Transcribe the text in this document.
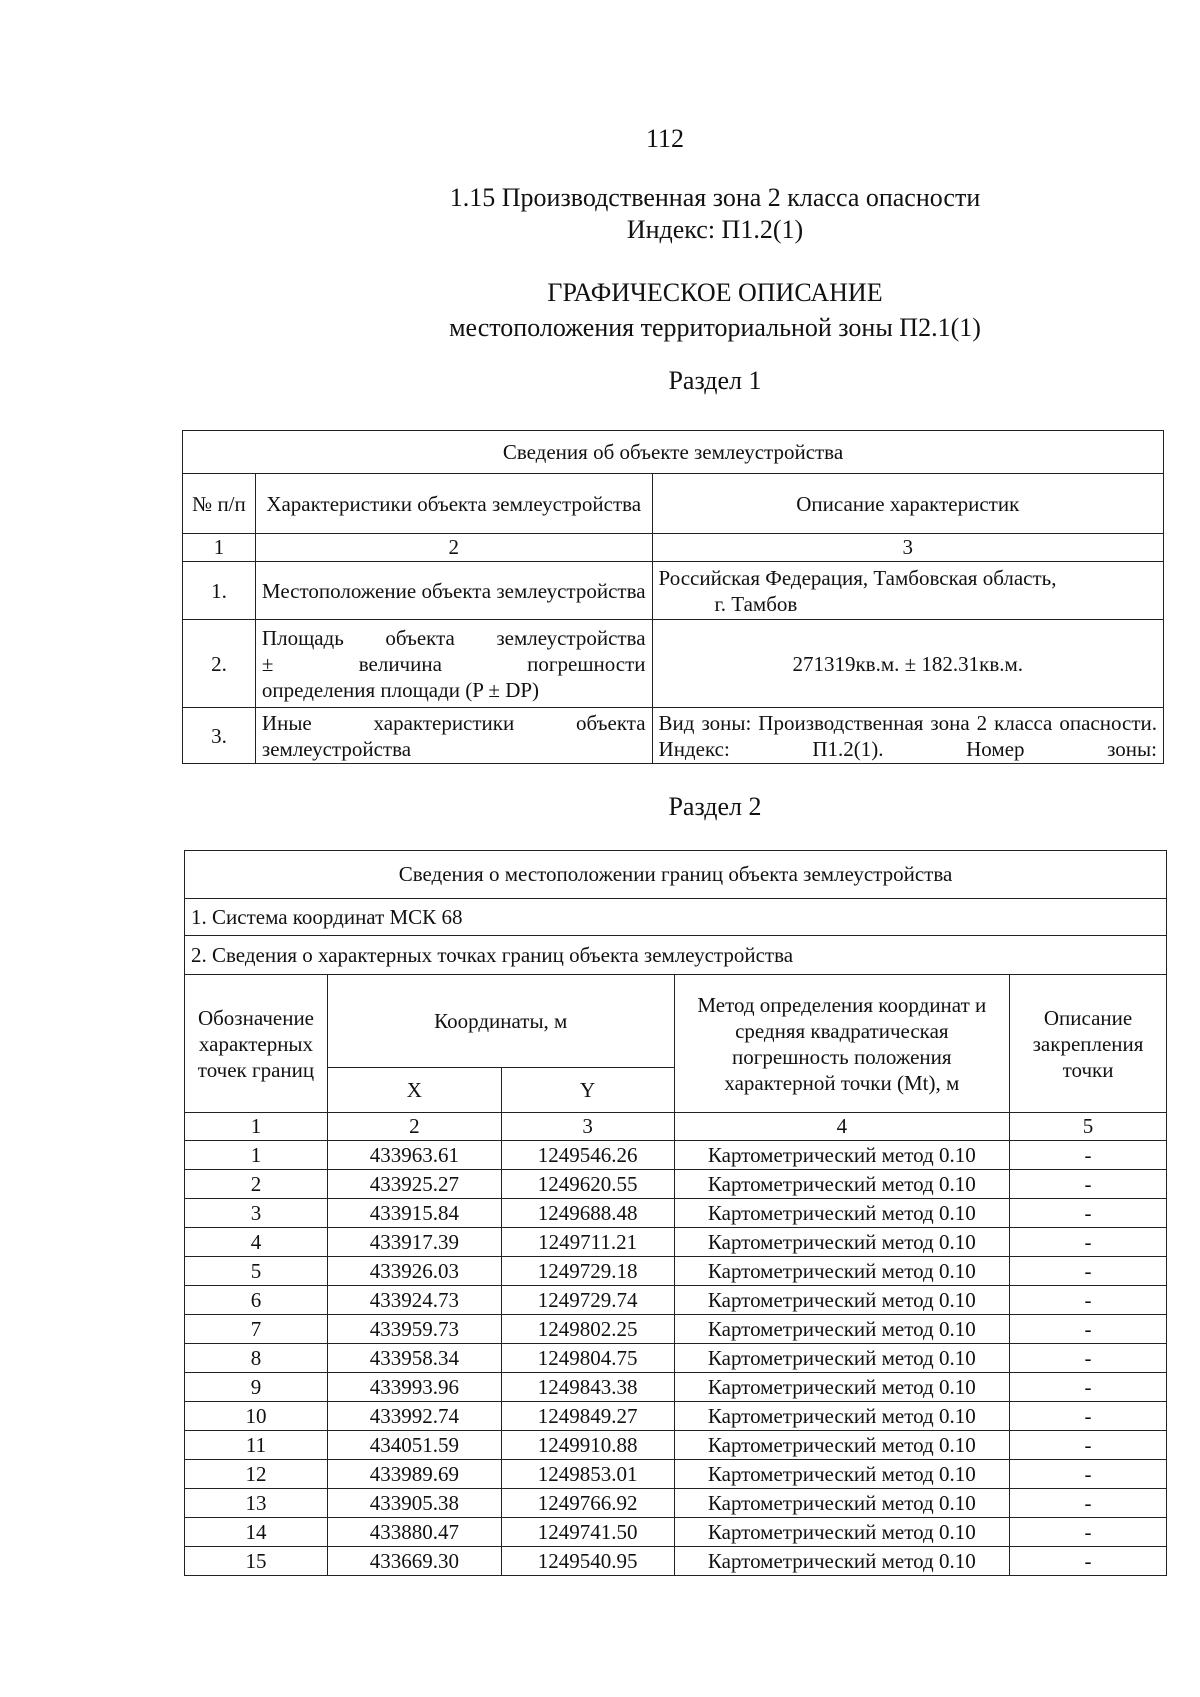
112
1.15 Производственная зона 2 класса опасности
Индекс: П1.2(1)
ГРАФИЧЕСКОЕ ОПИСАНИЕ
местоположения территориальной зоны П2.1(1)
Раздел 1
Сведения об объекте землеустройства		
№ п/п	Характеристики объекта землеустройства	Описание характеристик
1	2	3
1.	Местоположение объекта землеустройства	Российская Федерация, Тамбовская область,
г. Тамбов

2.	Площадь объекта землеустройства
± величина погрешности
определения площади (P ± DP)	271319кв.м. ± 182.31кв.м.
3.	Иные характеристики объекта землеустройства	Вид зоны: Производственная зона 2 класса опасности. Индекс: П1.2(1). Номер зоны:
Раздел 2
Сведения о местоположении границ объекта землеустройства				
1. Система координат МСК 68				
2. Сведения о характерных точках границ объекта землеустройства				
Обозначение характерных точек границ	Координаты, м		Метод определения координат и средняя квадратическая погрешность положения характерной точки (Mt), м	Описание закрепления точки
	X	Y		
1	2	3	4	5
1	433963.61	1249546.26	Картометрический метод 0.10	-
2	433925.27	1249620.55	Картометрический метод 0.10	-
3	433915.84	1249688.48	Картометрический метод 0.10	-
4	433917.39	1249711.21	Картометрический метод 0.10	-
5	433926.03	1249729.18	Картометрический метод 0.10	-
6	433924.73	1249729.74	Картометрический метод 0.10	-
7	433959.73	1249802.25	Картометрический метод 0.10	-
8	433958.34	1249804.75	Картометрический метод 0.10	-
9	433993.96	1249843.38	Картометрический метод 0.10	-
10	433992.74	1249849.27	Картометрический метод 0.10	-
11	434051.59	1249910.88	Картометрический метод 0.10	-
12	433989.69	1249853.01	Картометрический метод 0.10	-
13	433905.38	1249766.92	Картометрический метод 0.10	-
14	433880.47	1249741.50	Картометрический метод 0.10	-
15	433669.30	1249540.95	Картометрический метод 0.10	-
